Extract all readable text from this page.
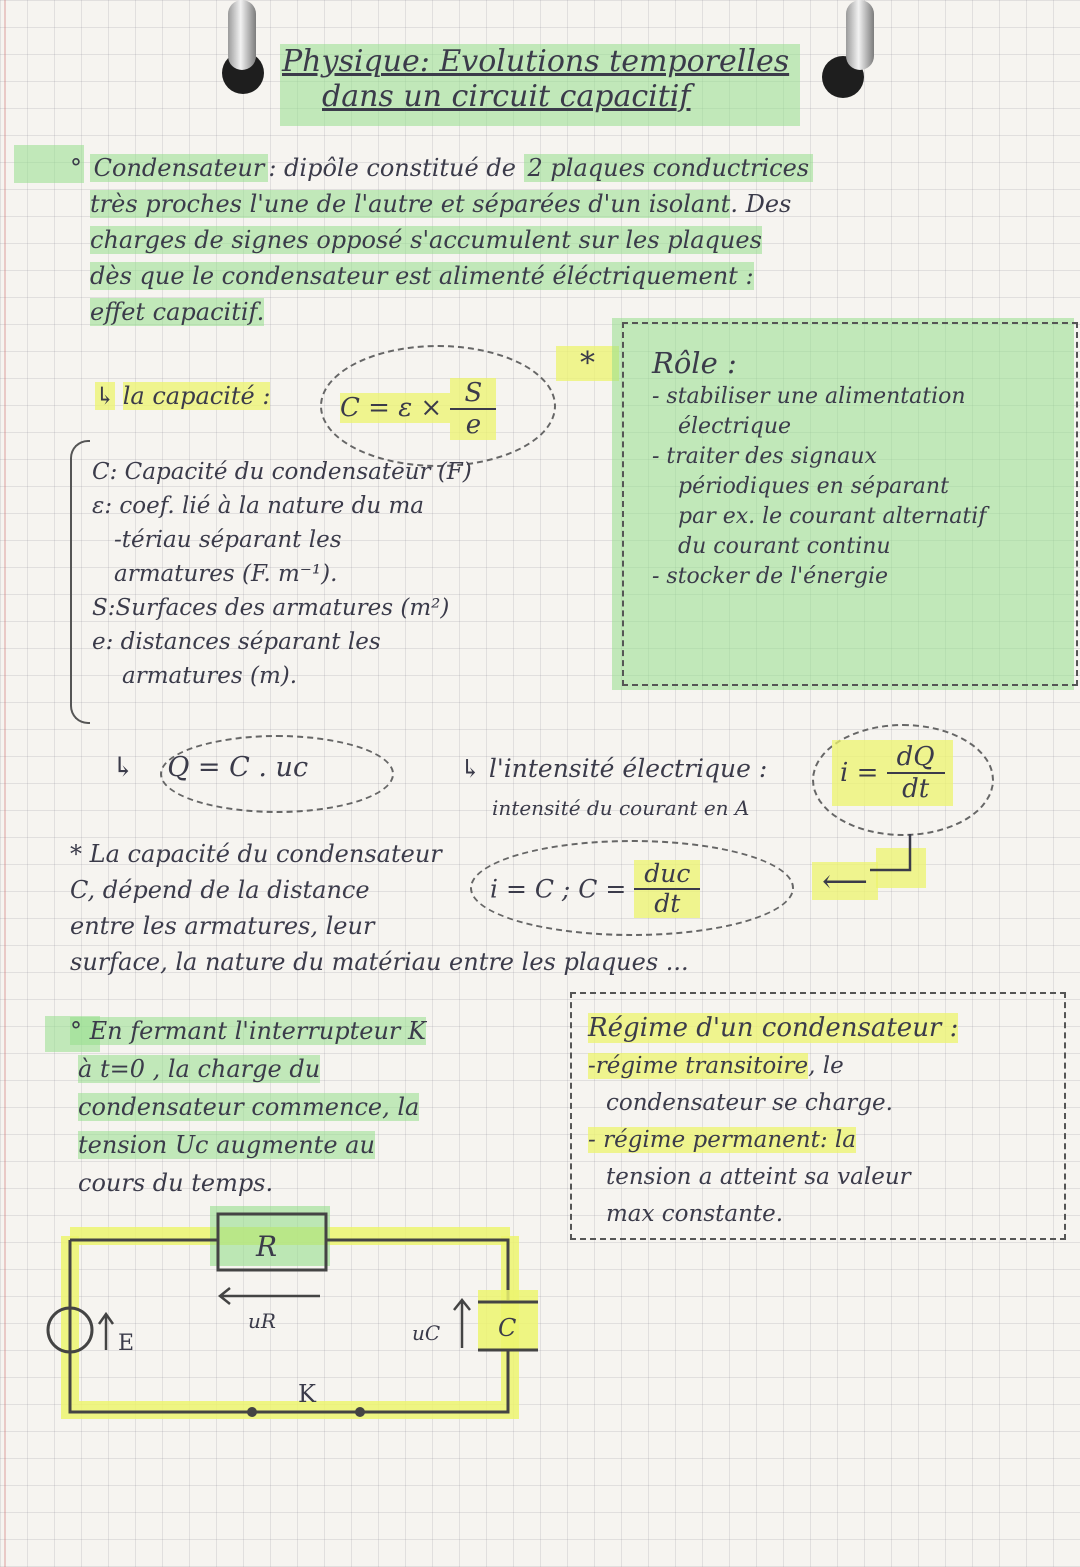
Physique: Evolutions temporelles
dans un circuit capacitif
° Condensateur : dipôle constitué de 2 plaques conductrices
très proches l'une de l'autre et séparées d'un isolant. Des
charges de signes opposé s'accumulent sur les plaques
dès que le condensateur est alimenté éléctriquement :
effet capacitif.
↳ la capacité :	$C = \varepsilon \times \frac{S}{e}$
*
C: Capacité du condensateur (F)
ε: coef. lié à la nature du ma
-tériau séparant les
armatures (F. m⁻¹).
S:Surfaces des armatures (m²)
e: distances séparant les
armatures (m).
Rôle :
- stabiliser une alimentation
électrique
- traiter des signaux
périodiques en séparant
par ex. le courant alternatif
du courant continu
- stocker de l'énergie
↳ Q = C . uc	↳ l'intensité électrique :
intensité du courant en A
$i = \frac{dQ}{dt}$
* La capacité du condensateur
C, dépend de la distance
entre les armatures, leur
surface, la nature du matériau entre les plaques ...
i = C ; C =
duc
dt
⟵
° En fermant l'interrupteur K
à t=0 , la charge du
condensateur commence, la
tension Uc augmente au
cours du temps.
Régime d'un condensateur :
-régime transitoire, le
condensateur se charge.
- régime permanent: la
tension a atteint sa valeur
max constante.
R
uR
E	uC C
K
